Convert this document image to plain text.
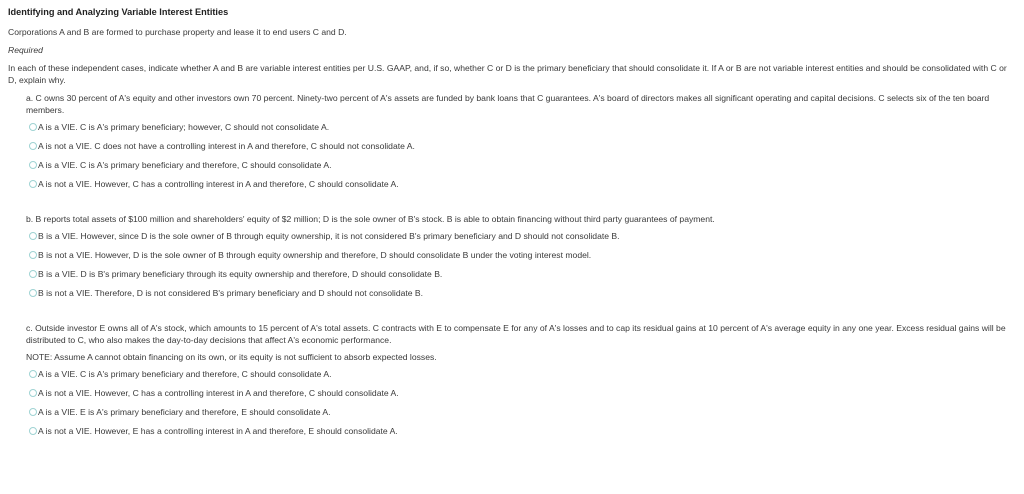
Identifying and Analyzing Variable Interest Entities
Corporations A and B are formed to purchase property and lease it to end users C and D.
Required
In each of these independent cases, indicate whether A and B are variable interest entities per U.S. GAAP, and, if so, whether C or D is the primary beneficiary that should consolidate it. If A or B are not variable interest entities and should be consolidated with C or D, explain why.
a. C owns 30 percent of A's equity and other investors own 70 percent. Ninety-two percent of A's assets are funded by bank loans that C guarantees. A's board of directors makes all significant operating and capital decisions. C selects six of the ten board members.
A is a VIE. C is A's primary beneficiary; however, C should not consolidate A.
A is not a VIE. C does not have a controlling interest in A and therefore, C should not consolidate A.
A is a VIE. C is A's primary beneficiary and therefore, C should consolidate A.
A is not a VIE. However, C has a controlling interest in A and therefore, C should consolidate A.
b. B reports total assets of $100 million and shareholders' equity of $2 million; D is the sole owner of B's stock. B is able to obtain financing without third party guarantees of payment.
B is a VIE. However, since D is the sole owner of B through equity ownership, it is not considered B's primary beneficiary and D should not consolidate B.
B is not a VIE. However, D is the sole owner of B through equity ownership and therefore, D should consolidate B under the voting interest model.
B is a VIE. D is B's primary beneficiary through its equity ownership and therefore, D should consolidate B.
B is not a VIE. Therefore, D is not considered B's primary beneficiary and D should not consolidate B.
c. Outside investor E owns all of A's stock, which amounts to 15 percent of A's total assets. C contracts with E to compensate E for any of A's losses and to cap its residual gains at 10 percent of A's average equity in any one year. Excess residual gains will be distributed to C, who also makes the day-to-day decisions that affect A's economic performance.
NOTE: Assume A cannot obtain financing on its own, or its equity is not sufficient to absorb expected losses.
A is a VIE. C is A's primary beneficiary and therefore, C should consolidate A.
A is not a VIE. However, C has a controlling interest in A and therefore, C should consolidate A.
A is a VIE. E is A's primary beneficiary and therefore, E should consolidate A.
A is not a VIE. However, E has a controlling interest in A and therefore, E should consolidate A.
